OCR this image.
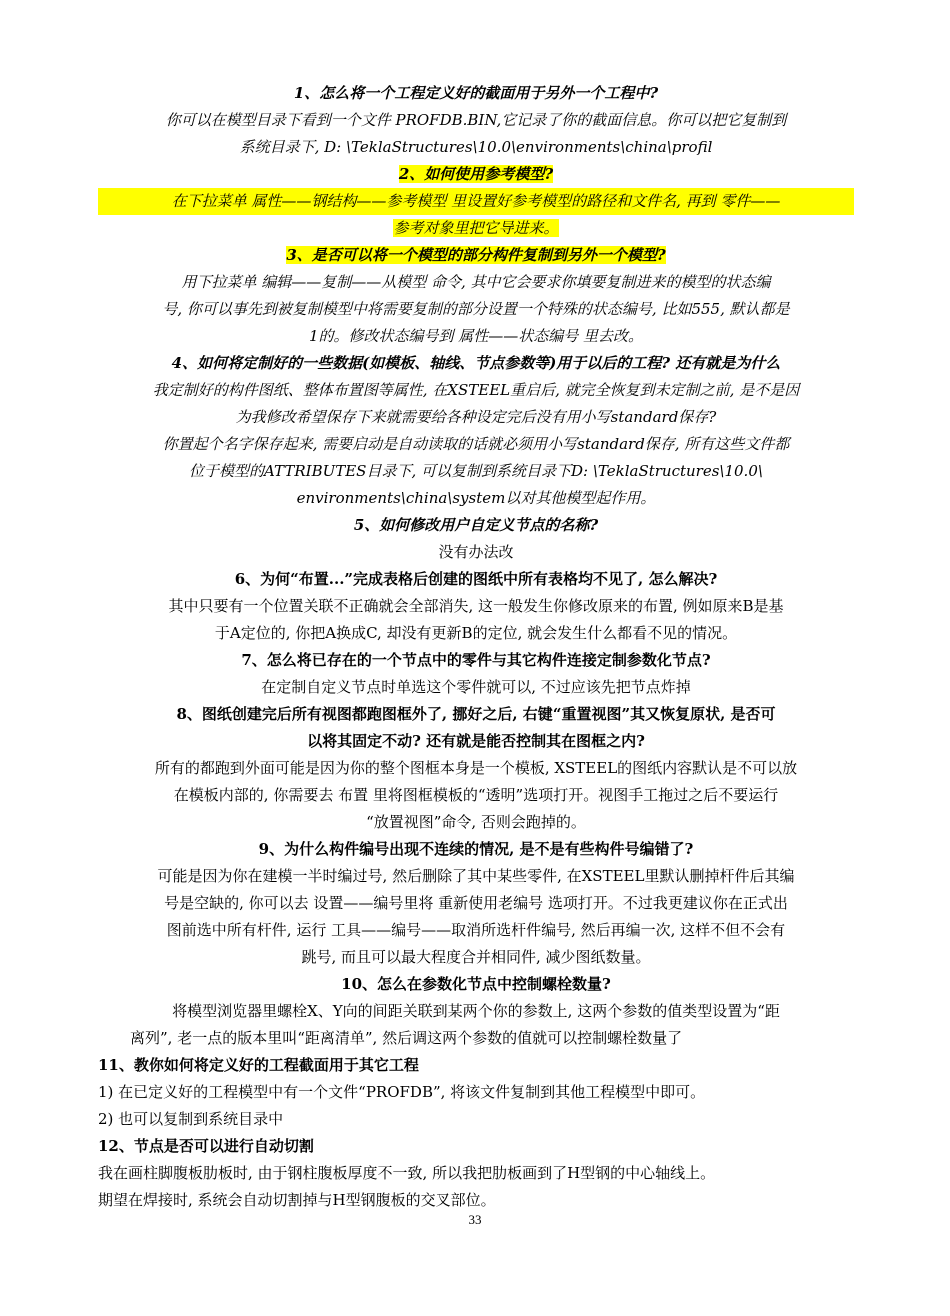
1、怎么将一个工程定义好的截面用于另外一个工程中?
你可以在模型目录下看到一个文件 PROFDB.BIN,它记录了你的截面信息。你可以把它复制到
系统目录下, D: \TeklaStructures\10.0\environments\china\profil
2、如何使用参考模型?
在下拉菜单 属性——钢结构——参考模型 里设置好参考模型的路径和文件名, 再到 零件——
参考对象里把它导进来。
3、是否可以将一个模型的部分构件复制到另外一个模型?
用下拉菜单 编辑——复制——从模型 命令, 其中它会要求你填要复制进来的模型的状态编
号, 你可以事先到被复制模型中将需要复制的部分设置一个特殊的状态编号, 比如555, 默认都是
1的。修改状态编号到 属性——状态编号 里去改。
4、如何将定制好的一些数据(如模板、轴线、节点参数等)用于以后的工程? 还有就是为什么
我定制好的构件图纸、整体布置图等属性, 在XSTEEL重启后, 就完全恢复到未定制之前, 是不是因
为我修改希望保存下来就需要给各种设定完后没有用小写standard保存?
你置起个名字保存起来, 需要启动是自动读取的话就必须用小写standard保存, 所有这些文件都
位于模型的ATTRIBUTES目录下, 可以复制到系统目录下D: \TeklaStructures\10.0\
environments\china\system以对其他模型起作用。
5、如何修改用户自定义节点的名称?
没有办法改
6、为何“布置...”完成表格后创建的图纸中所有表格均不见了, 怎么解决?
其中只要有一个位置关联不正确就会全部消失, 这一般发生你修改原来的布置, 例如原来B是基
于A定位的, 你把A换成C, 却没有更新B的定位, 就会发生什么都看不见的情况。
7、怎么将已存在的一个节点中的零件与其它构件连接定制参数化节点?
在定制自定义节点时单选这个零件就可以, 不过应该先把节点炸掉
8、图纸创建完后所有视图都跑图框外了, 挪好之后, 右键“重置视图”其又恢复原状, 是否可
以将其固定不动? 还有就是能否控制其在图框之内?
所有的都跑到外面可能是因为你的整个图框本身是一个模板, XSTEEL的图纸内容默认是不可以放
在模板内部的, 你需要去 布置 里将图框模板的“透明”选项打开。视图手工拖过之后不要运行
“放置视图”命令, 否则会跑掉的。
9、为什么构件编号出现不连续的情况, 是不是有些构件号编错了?
可能是因为你在建模一半时编过号, 然后删除了其中某些零件, 在XSTEEL里默认删掉杆件后其编
号是空缺的, 你可以去 设置——编号里将 重新使用老编号 选项打开。不过我更建议你在正式出
图前选中所有杆件, 运行 工具——编号——取消所选杆件编号, 然后再编一次, 这样不但不会有
跳号, 而且可以最大程度合并相同件, 减少图纸数量。
10、怎么在参数化节点中控制螺栓数量?
将模型浏览器里螺栓X、Y向的间距关联到某两个你的参数上, 这两个参数的值类型设置为“距
离列”, 老一点的版本里叫“距离清单”, 然后调这两个参数的值就可以控制螺栓数量了
11、教你如何将定义好的工程截面用于其它工程
1) 在已定义好的工程模型中有一个文件“PROFDB”, 将该文件复制到其他工程模型中即可。
2) 也可以复制到系统目录中
12、节点是否可以进行自动切割
我在画柱脚腹板肋板时, 由于钢柱腹板厚度不一致, 所以我把肋板画到了H型钢的中心轴线上。
期望在焊接时, 系统会自动切割掉与H型钢腹板的交叉部位。
33
